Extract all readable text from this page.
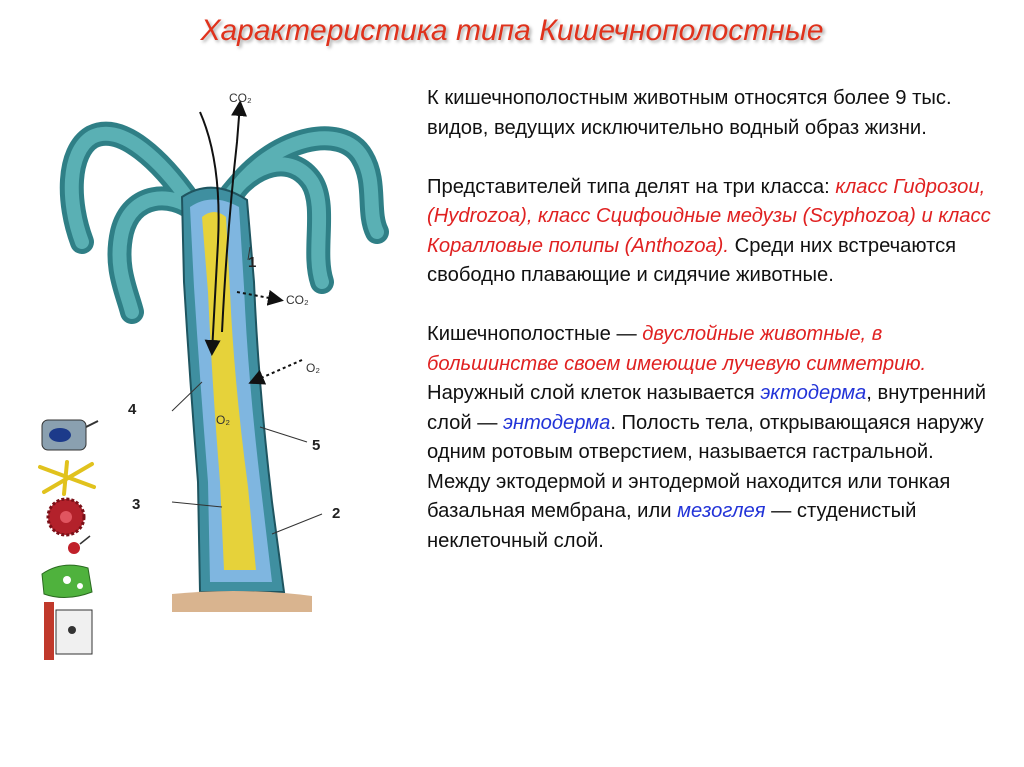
Характеристика типа Кишечнополостные
CO₂
CO₂
O₂
O₂
1
2
3
4
5

К кишечнополостным животным относятся более 9 тыс. видов, ведущих исключительно водный образ жизни.

Представителей типа делят на три класса: класс Гидрозои, (Hydrozoa), класс Сцифоидные медузы (Scyphozoa) и класс Коралловые полипы (Anthozoa). Среди них встречаются свободно плавающие и сидячие животные.

Кишечнополостные — двуслойные животные, в большинстве своем имеющие лучевую симметрию. Наружный слой клеток называется эктодерма, внутренний слой — энтодерма. Полость тела, открывающаяся наружу одним ротовым отверстием, называется гастральной. Между эктодермой и энтодермой находится или тонкая базальная мембрана, или мезоглея — студенистый неклеточный слой.
